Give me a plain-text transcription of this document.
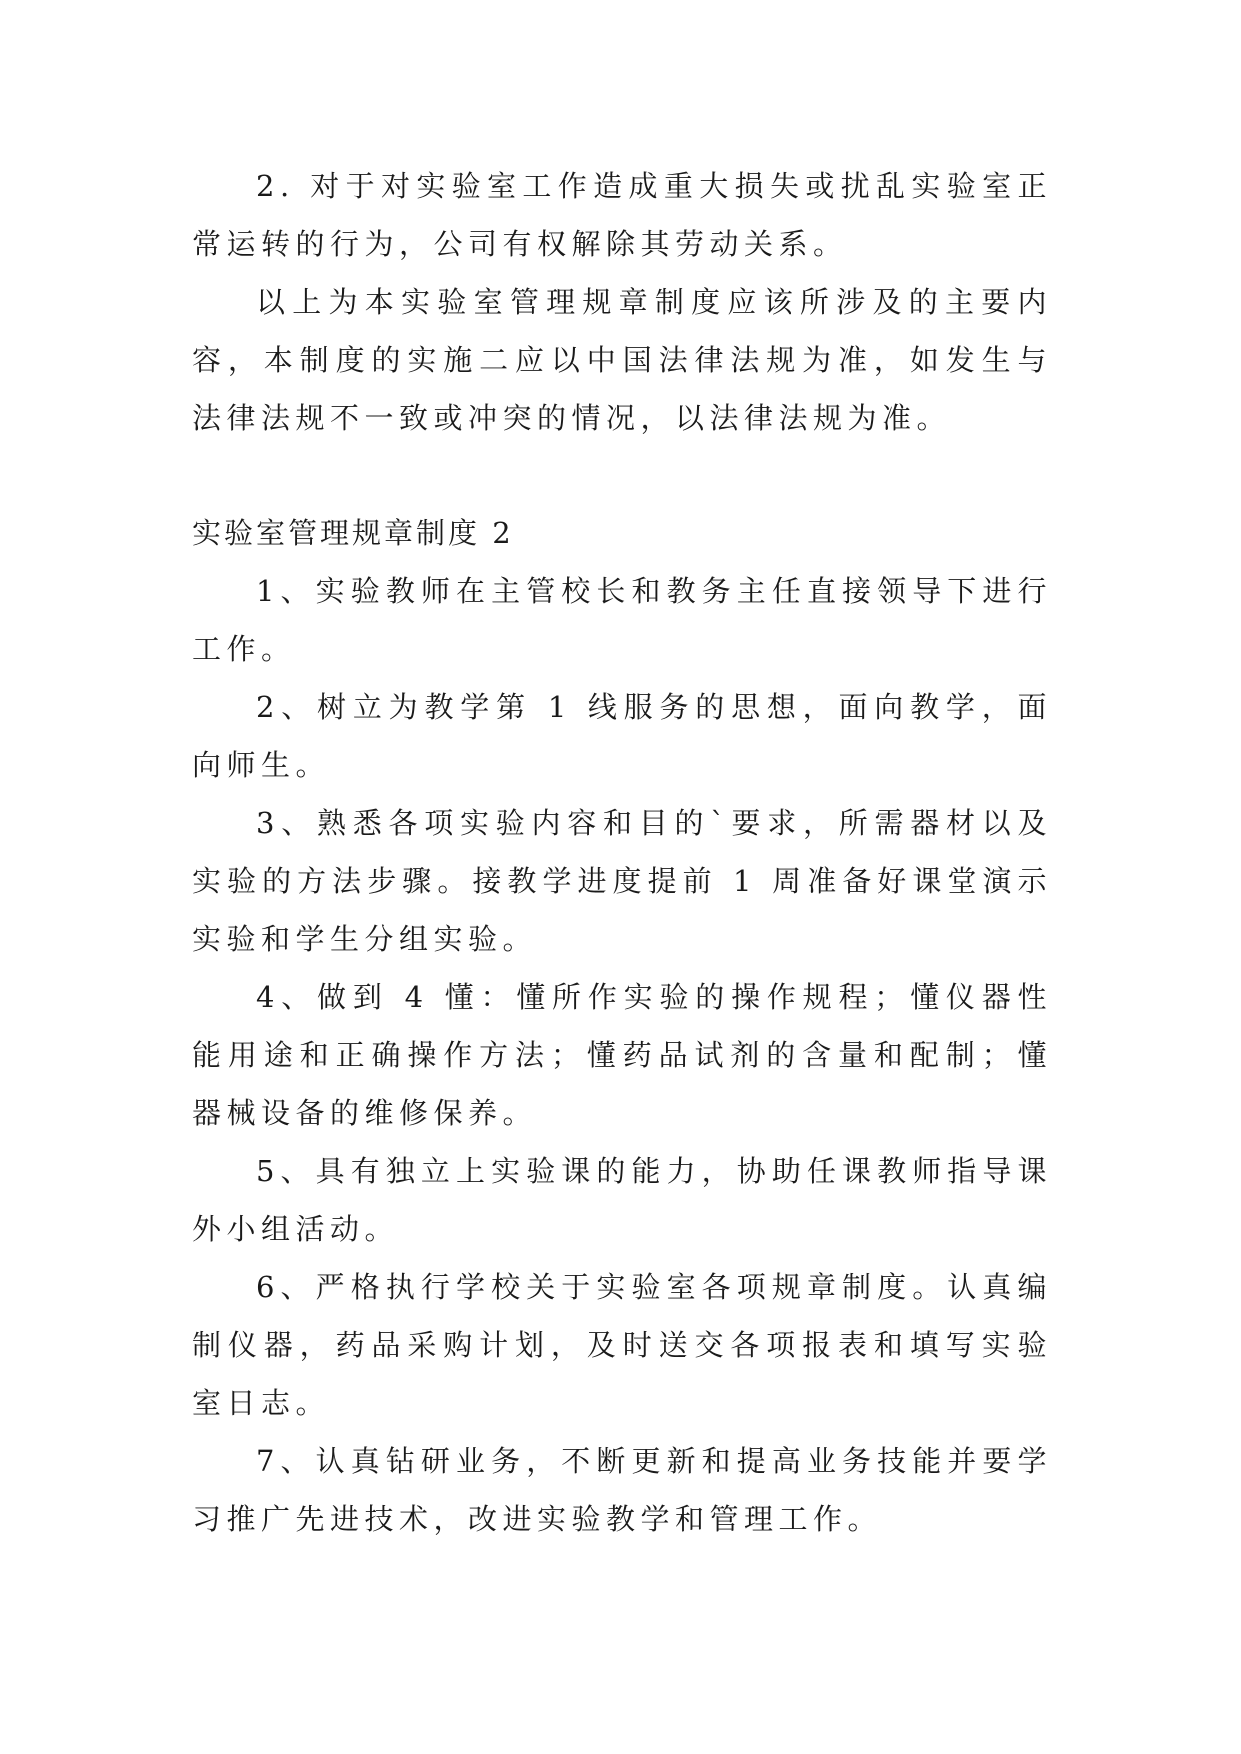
2. 对于对实验室工作造成重大损失或扰乱实验室正常运转的行为，公司有权解除其劳动关系。

以上为本实验室管理规章制度应该所涉及的主要内容，本制度的实施二应以中国法律法规为准，如发生与法律法规不一致或冲突的情况，以法律法规为准。

实验室管理规章制度 2

1、实验教师在主管校长和教务主任直接领导下进行工作。

2、树立为教学第 1 线服务的思想，面向教学，面向师生。

3、熟悉各项实验内容和目的`要求，所需器材以及实验的方法步骤。接教学进度提前 1 周准备好课堂演示实验和学生分组实验。

4、做到 4 懂：懂所作实验的操作规程；懂仪器性能用途和正确操作方法；懂药品试剂的含量和配制；懂器械设备的维修保养。

5、具有独立上实验课的能力，协助任课教师指导课外小组活动。

6、严格执行学校关于实验室各项规章制度。认真编制仪器，药品采购计划，及时送交各项报表和填写实验室日志。

7、认真钻研业务，不断更新和提高业务技能并要学习推广先进技术，改进实验教学和管理工作。
